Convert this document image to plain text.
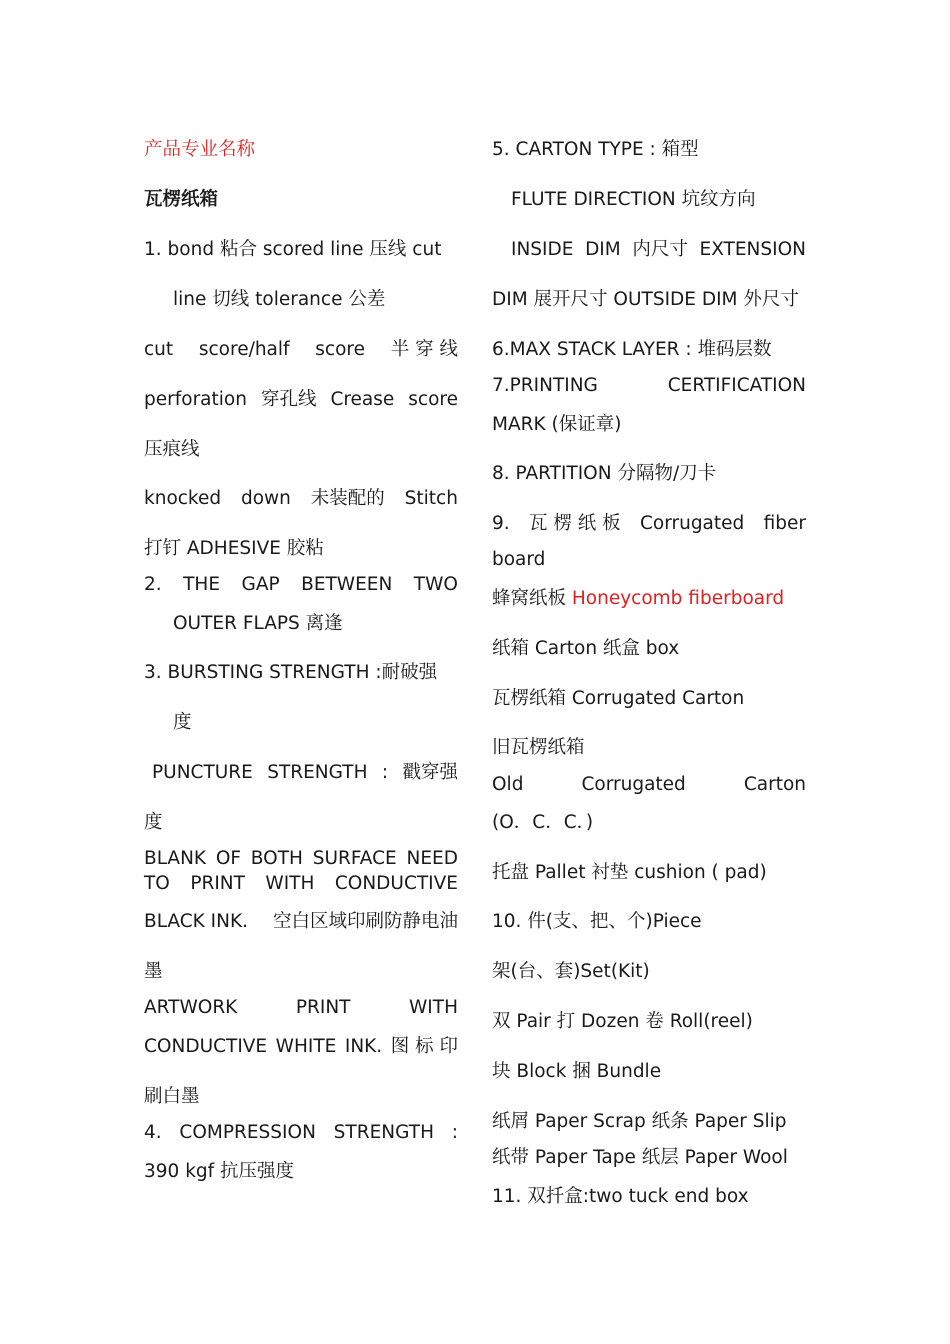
产品专业名称
瓦楞纸箱
1. bond 粘合 scored line 压线 cut
line 切线 tolerance 公差
cut score/half score 半 穿 线
perforation 穿孔线 Crease score
压痕线
knocked down 未装配的 Stitch
打钉 ADHESIVE 胶粘
2. THE GAP BETWEEN TWO
OUTER FLAPS 离逢
3. BURSTING STRENGTH :耐破强
度
PUNCTURE STRENGTH : 戳穿强
度
BLANK OF BOTH SURFACE NEED
TO PRINT WITH CONDUCTIVE
BLACK INK. 空白区域印刷防静电油
墨
ARTWORK	PRINT	WITH
CONDUCTIVE WHITE INK. 图 标 印
刷白墨
4. COMPRESSION STRENGTH :
390 kgf 抗压强度
5. CARTON TYPE : 箱型
FLUTE DIRECTION 坑纹方向
INSIDE DIM 内尺寸 EXTENSION
DIM 展开尺寸 OUTSIDE DIM 外尺寸
6.MAX STACK LAYER : 堆码层数
7.PRINTING	CERTIFICATION
MARK (保证章)
8. PARTITION 分隔物/刀卡
9. 瓦 楞 纸 板 Corrugated fiber
board
蜂窝纸板 Honeycomb fiberboard
纸箱 Carton 纸盒 box
瓦楞纸箱 Corrugated Carton
旧瓦楞纸箱
Old	Corrugated	Carton
(O．C．C．)
托盘 Pallet 衬垫 cushion ( pad)
10. 件(支、把、个)Piece
架(台、套)Set(Kit)
双 Pair 打 Dozen 卷 Roll(reel)
块 Block 捆 Bundle
纸屑 Paper Scrap 纸条 Paper Slip
纸带 Paper Tape 纸层 Paper Wool
11. 双扦盒:two tuck end box
